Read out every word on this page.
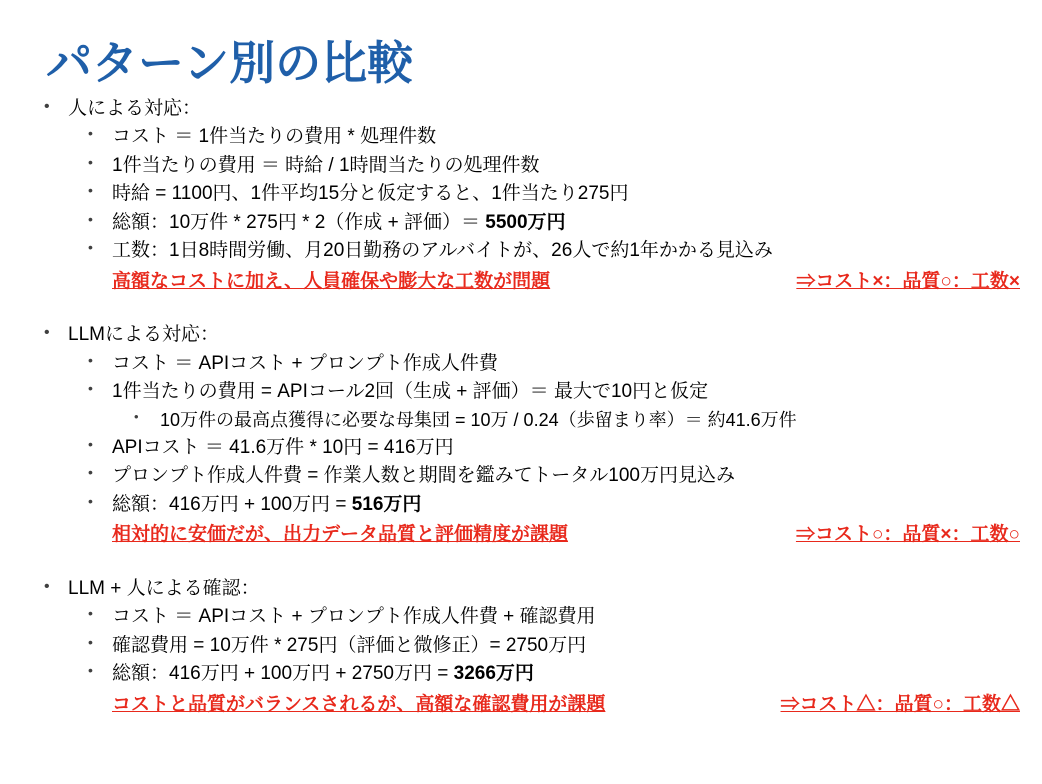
パターン別の比較
• 人による対応：
• コスト ＝ 1件当たりの費用 * 処理件数
• 1件当たりの費用 ＝ 時給 / 1時間当たりの処理件数
• 時給 = 1100円、1件平均15分と仮定すると、1件当たり275円
• 総額：10万件 * 275円 * 2（作成 + 評価）＝ 5500万円
• 工数：1日8時間労働、月20日勤務のアルバイトが、26人で約1年かかる見込み
高額なコストに加え、人員確保や膨大な工数が問題	⇒コスト×：品質○：工数×
• LLMによる対応：
• コスト ＝ APIコスト + プロンプト作成人件費
• 1件当たりの費用 = APIコール2回（生成 + 評価）＝ 最大で10円と仮定
• 10万件の最高点獲得に必要な母集団 = 10万 / 0.24（歩留まり率）＝ 約41.6万件
• APIコスト ＝ 41.6万件 * 10円 = 416万円
• プロンプト作成人件費 = 作業人数と期間を鑑みてトータル100万円見込み
• 総額：416万円 + 100万円 = 516万円
相対的に安価だが、出力データ品質と評価精度が課題	⇒コスト○：品質×：工数○
• LLM + 人による確認：
• コスト ＝ APIコスト + プロンプト作成人件費 + 確認費用
• 確認費用 = 10万件 * 275円（評価と微修正）= 2750万円
• 総額：416万円 + 100万円 + 2750万円 = 3266万円
コストと品質がバランスされるが、高額な確認費用が課題	⇒コスト△：品質○：工数△
